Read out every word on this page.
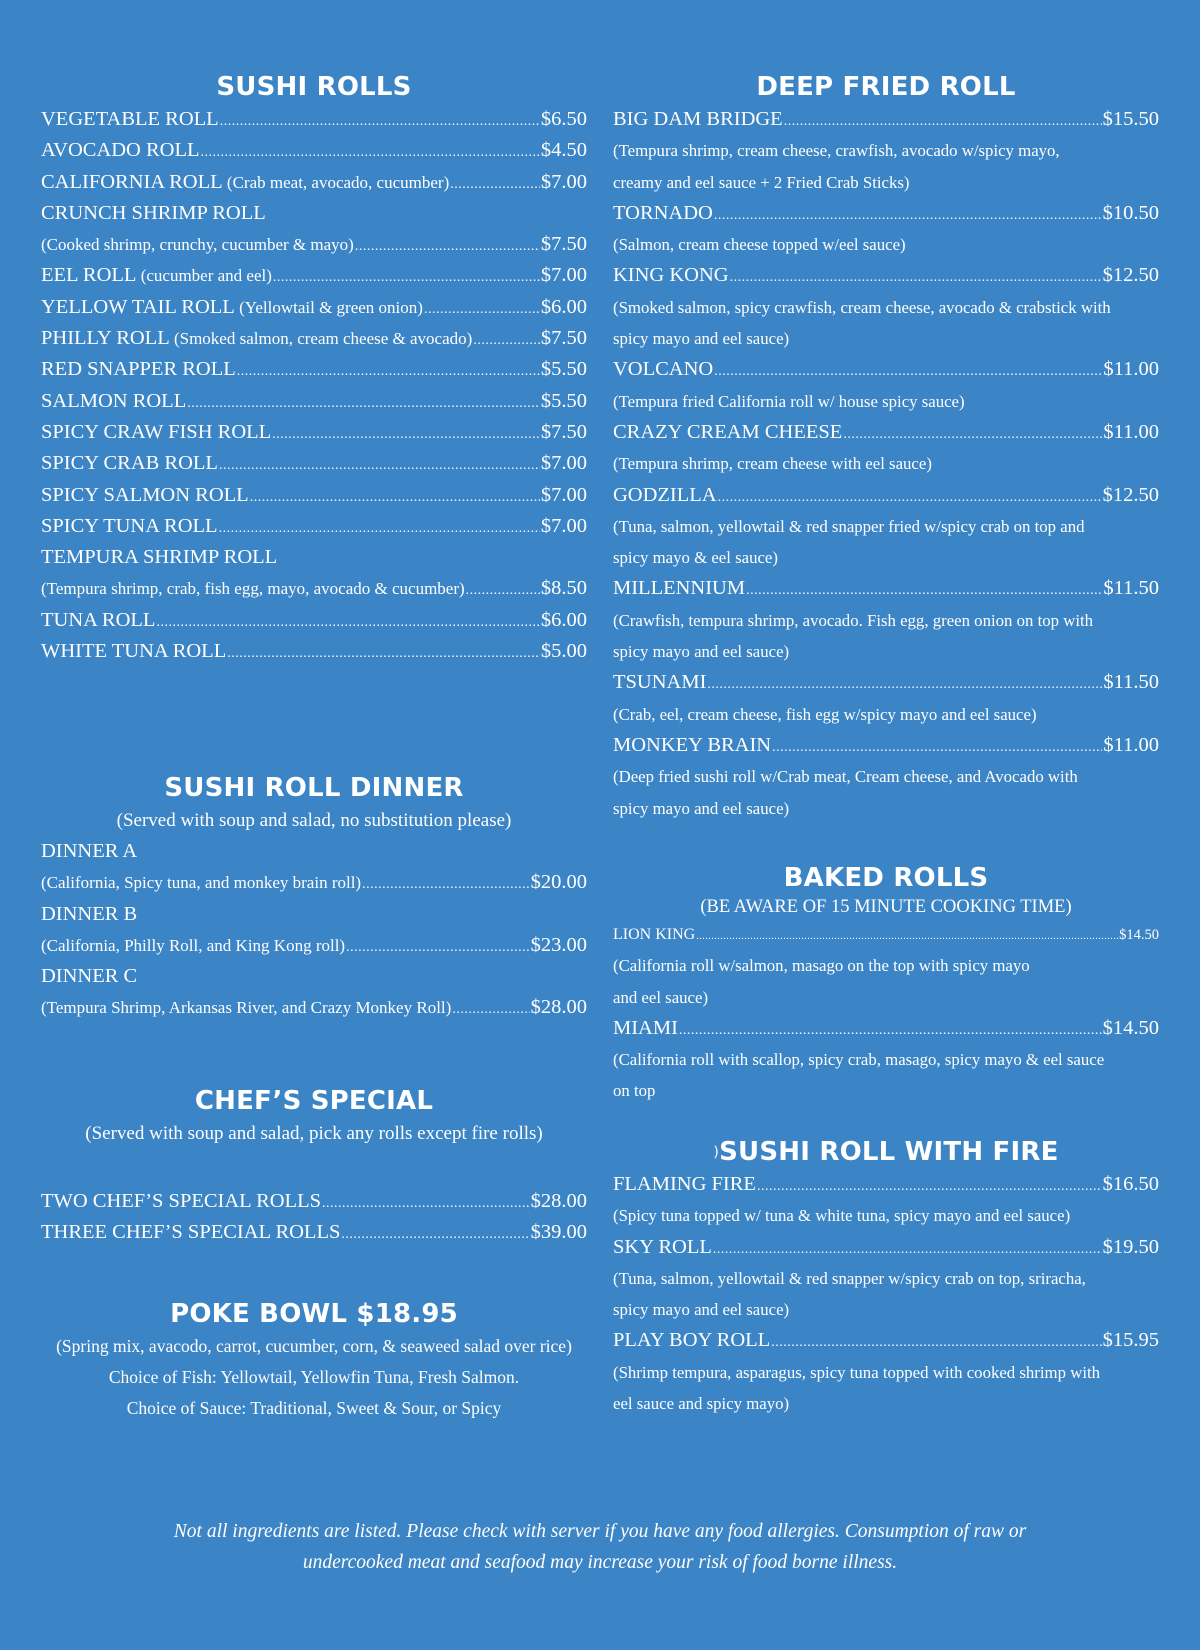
SUSHI ROLLS
VEGETABLE ROLL .....	$6.50
AVOCADO ROLL .....	$4.50
CALIFORNIA ROLL (Crab meat, avocado, cucumber) .....	$7.00
CRUNCH SHRIMP ROLL
(Cooked shrimp, crunchy, cucumber & mayo) .....	$7.50
EEL ROLL (cucumber and eel) .....	$7.00
YELLOW TAIL ROLL (Yellowtail & green onion) .....	$6.00
PHILLY ROLL (Smoked salmon, cream cheese & avocado) .....	$7.50
RED SNAPPER ROLL .....	$5.50
SALMON ROLL .....	$5.50
SPICY CRAW FISH ROLL .....	$7.50
SPICY CRAB ROLL .....	$7.00
SPICY SALMON ROLL .....	$7.00
SPICY TUNA ROLL .....	$7.00
TEMPURA SHRIMP ROLL
(Tempura shrimp, crab, fish egg, mayo, avocado & cucumber) .....	$8.50
TUNA ROLL .....	$6.00
WHITE TUNA ROLL .....	$5.00
SUSHI ROLL DINNER
(Served with soup and salad, no substitution please)
DINNER A
(California, Spicy tuna, and monkey brain roll) .....	$20.00
DINNER B
(California, Philly Roll, and King Kong roll) .....	$23.00
DINNER C
(Tempura Shrimp, Arkansas River, and Crazy Monkey Roll) .....	$28.00
CHEF’S SPECIAL
(Served with soup and salad, pick any rolls except fire rolls)
TWO CHEF’S SPECIAL ROLLS .....	$28.00
THREE CHEF’S SPECIAL ROLLS .....	$39.00
POKE BOWL $18.95
(Spring mix, avacodo, carrot, cucumber, corn, & seaweed salad over rice)
Choice of Fish: Yellowtail, Yellowfin Tuna, Fresh Salmon.
Choice of Sauce: Traditional, Sweet & Sour, or Spicy
DEEP FRIED ROLL
BIG DAM BRIDGE .....	$15.50
(Tempura shrimp, cream cheese, crawfish, avocado w/spicy mayo,
creamy and eel sauce + 2 Fried Crab Sticks)
TORNADO .....	$10.50
(Salmon, cream cheese topped w/eel sauce)
KING KONG .....	$12.50
(Smoked salmon, spicy crawfish, cream cheese, avocado & crabstick with
spicy mayo and eel sauce)
VOLCANO .....	$11.00
(Tempura fried California roll w/ house spicy sauce)
CRAZY CREAM CHEESE .....	$11.00
(Tempura shrimp, cream cheese with eel sauce)
GODZILLA .....	$12.50
(Tuna, salmon, yellowtail & red snapper fried w/spicy crab on top and
spicy mayo & eel sauce)
MILLENNIUM .....	$11.50
(Crawfish, tempura shrimp, avocado. Fish egg, green onion on top with
spicy mayo and eel sauce)
TSUNAMI .....	$11.50
(Crab, eel, cream cheese, fish egg w/spicy mayo and eel sauce)
MONKEY BRAIN .....	$11.00
(Deep fried sushi roll w/Crab meat, Cream cheese, and Avocado with
spicy mayo and eel sauce)
BAKED ROLLS
(BE AWARE OF 15 MINUTE COOKING TIME)
LION KING .....	$14.50
(California roll w/salmon, masago on the top with spicy mayo
and eel sauce)
MIAMI .....	$14.50
(California roll with scallop, spicy crab, masago, spicy mayo & eel sauce
on top
)SUSHI ROLL WITH FIRE
FLAMING FIRE .....	$16.50
(Spicy tuna topped w/ tuna & white tuna, spicy mayo and eel sauce)
SKY ROLL .....	$19.50
(Tuna, salmon, yellowtail & red snapper w/spicy crab on top, sriracha,
spicy mayo and eel sauce)
PLAY BOY ROLL .....	$15.95
(Shrimp tempura, asparagus, spicy tuna topped with cooked shrimp with
eel sauce and spicy mayo)
Not all ingredients are listed. Please check with server if you have any food allergies. Consumption of raw or
undercooked meat and seafood may increase your risk of food borne illness.
